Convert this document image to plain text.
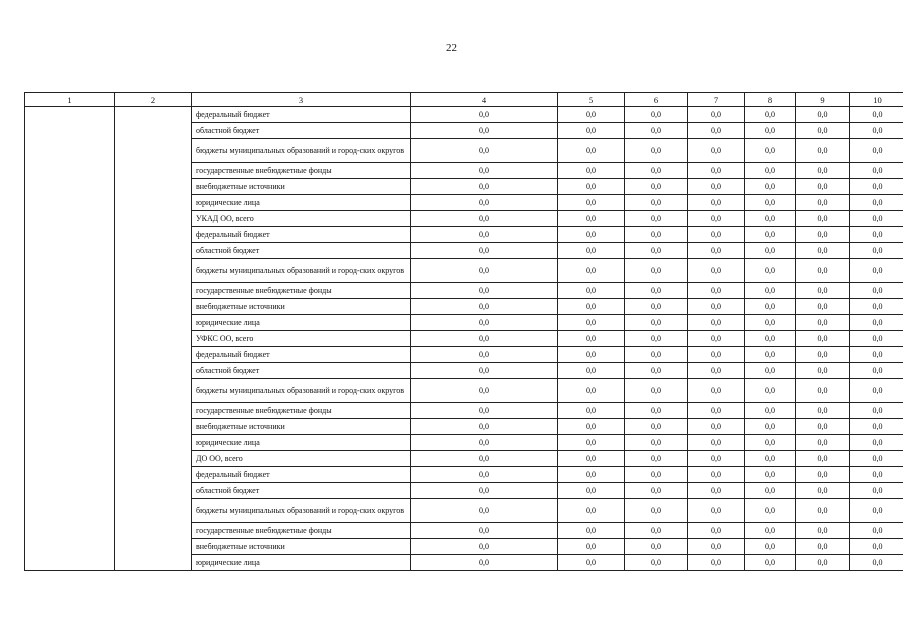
22
1	2	3	4	5	6	7	8	9	10
		федеральный бюджет	0,0	0,0	0,0	0,0	0,0	0,0	0,0
		областной бюджет	0,0	0,0	0,0	0,0	0,0	0,0	0,0
		бюджеты муниципальных образований и город-ских округов	0,0	0,0	0,0	0,0	0,0	0,0	0,0
		государственные внебюджетные фонды	0,0	0,0	0,0	0,0	0,0	0,0	0,0
		внебюджетные источники	0,0	0,0	0,0	0,0	0,0	0,0	0,0
		юридические лица	0,0	0,0	0,0	0,0	0,0	0,0	0,0
		УКАД ОО, всего	0,0	0,0	0,0	0,0	0,0	0,0	0,0
		федеральный бюджет	0,0	0,0	0,0	0,0	0,0	0,0	0,0
		областной бюджет	0,0	0,0	0,0	0,0	0,0	0,0	0,0
		бюджеты муниципальных образований и город-ских округов	0,0	0,0	0,0	0,0	0,0	0,0	0,0
		государственные внебюджетные фонды	0,0	0,0	0,0	0,0	0,0	0,0	0,0
		внебюджетные источники	0,0	0,0	0,0	0,0	0,0	0,0	0,0
		юридические лица	0,0	0,0	0,0	0,0	0,0	0,0	0,0
		УФКС ОО, всего	0,0	0,0	0,0	0,0	0,0	0,0	0,0
		федеральный бюджет	0,0	0,0	0,0	0,0	0,0	0,0	0,0
		областной бюджет	0,0	0,0	0,0	0,0	0,0	0,0	0,0
		бюджеты муниципальных образований и город-ских округов	0,0	0,0	0,0	0,0	0,0	0,0	0,0
		государственные внебюджетные фонды	0,0	0,0	0,0	0,0	0,0	0,0	0,0
		внебюджетные источники	0,0	0,0	0,0	0,0	0,0	0,0	0,0
		юридические лица	0,0	0,0	0,0	0,0	0,0	0,0	0,0
		ДО ОО, всего	0,0	0,0	0,0	0,0	0,0	0,0	0,0
		федеральный бюджет	0,0	0,0	0,0	0,0	0,0	0,0	0,0
		областной бюджет	0,0	0,0	0,0	0,0	0,0	0,0	0,0
		бюджеты муниципальных образований и город-ских округов	0,0	0,0	0,0	0,0	0,0	0,0	0,0
		государственные внебюджетные фонды	0,0	0,0	0,0	0,0	0,0	0,0	0,0
		внебюджетные источники	0,0	0,0	0,0	0,0	0,0	0,0	0,0
		юридические лица	0,0	0,0	0,0	0,0	0,0	0,0	0,0
